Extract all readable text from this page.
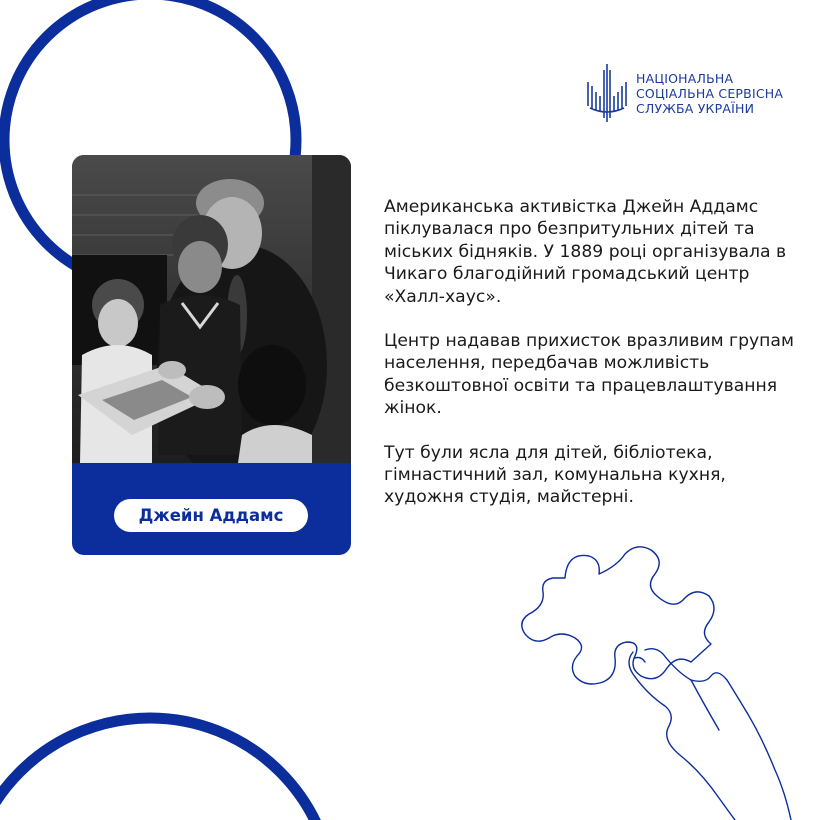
НАЦІОНАЛЬНА
СОЦІАЛЬНА СЕРВІСНА
СЛУЖБА УКРАЇНИ
Джейн Аддамс

Американська активістка Джейн Аддамс піклувалася про безпритульних дітей та міських бідняків. У 1889 році організувала в Чикаго благодійний громадський центр «Халл-хаус».

Центр надавав прихисток вразливим групам населення, передбачав можливість безкоштовної освіти та працевлаштування жінок.

Тут були ясла для дітей, бібліотека, гімнастичний зал, комунальна кухня, художня студія, майстерні.
